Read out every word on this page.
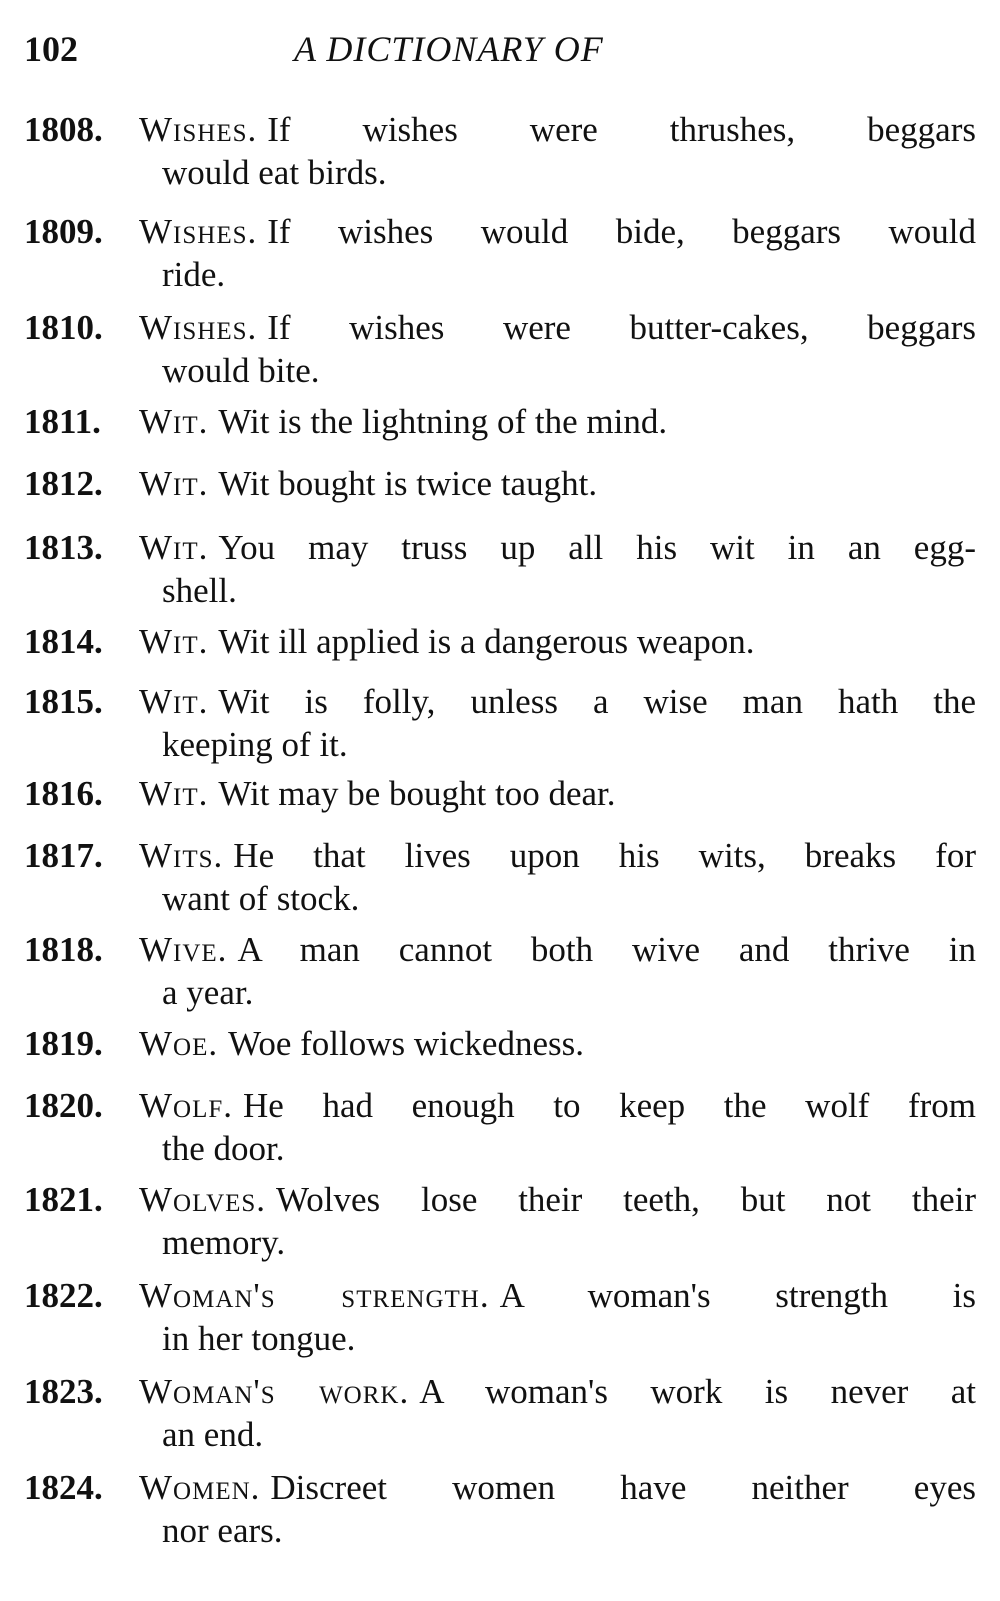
102	A DICTIONARY OF
1808. Wishes. If wishes were thrushes, beggars
would eat birds.
1809. Wishes. If wishes would bide, beggars would
ride.
1810. Wishes. If wishes were butter-cakes, beggars
would bite.
1811. Wit. Wit is the lightning of the mind.
1812. Wit. Wit bought is twice taught.
1813. Wit. You may truss up all his wit in an egg-
shell.
1814. Wit. Wit ill applied is a dangerous weapon.
1815. Wit. Wit is folly, unless a wise man hath the
keeping of it.
1816. Wit. Wit may be bought too dear.
1817. Wits. He that lives upon his wits, breaks for
want of stock.
1818. Wive. A man cannot both wive and thrive in
a year.
1819. Woe. Woe follows wickedness.
1820. Wolf. He had enough to keep the wolf from
the door.
1821. Wolves. Wolves lose their teeth, but not their
memory.
1822. Woman's strength. A woman's strength is
in her tongue.
1823. Woman's work. A woman's work is never at
an end.
1824. Women. Discreet women have neither eyes
nor ears.
